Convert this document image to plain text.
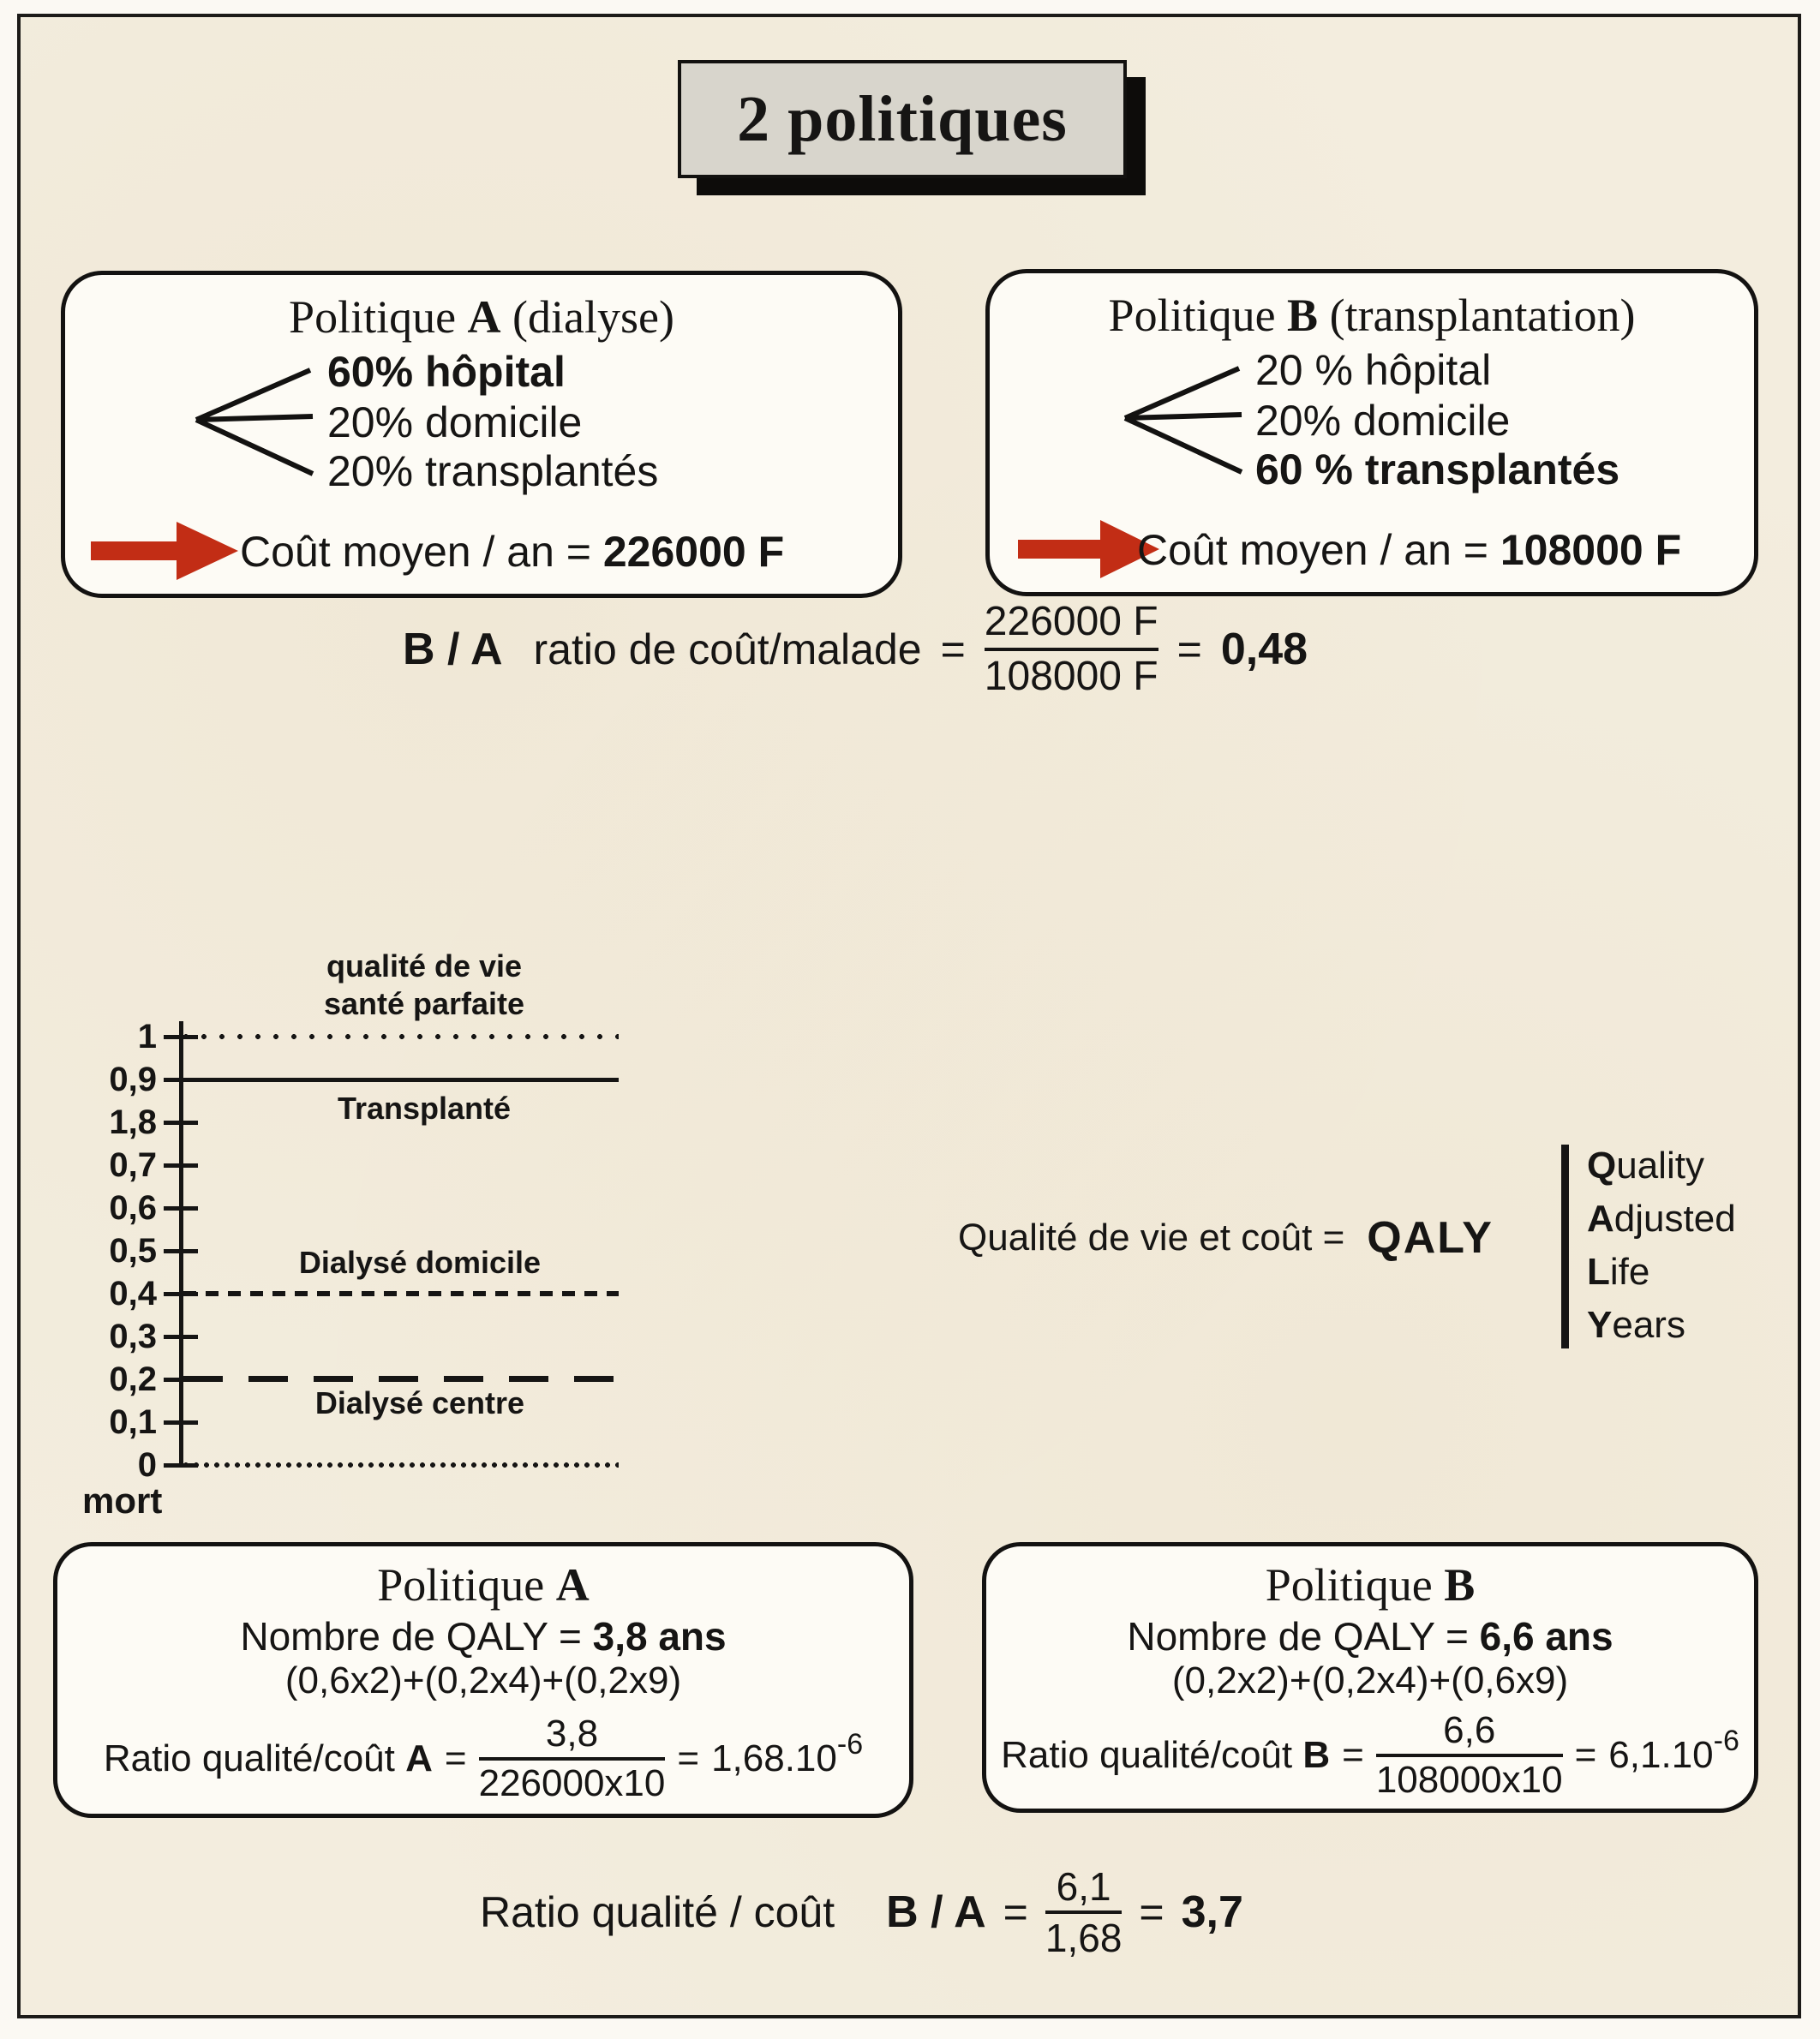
2 politiques
Politique A (dialyse)
60% hôpital
20% domicile
20% transplantés
Coût moyen / an = 226000 F
Politique B (transplantation)
20 % hôpital
20% domicile
60 % transplantés
Coût moyen / an = 108000 F
B / A ratio de coût/malade = $\frac{226000 F}{108000 F} = 0,48$
qualité de vie
santé parfaite
1
0,9
1,8
0,7
0,6
0,5
0,4
0,3
0,2
0,1
0
Transplanté
Dialysé domicile
Dialysé centre
mort
Qualité de vie et coût = QALY
Quality
Adjusted
Life
Years
Politique A
Nombre de QALY = 3,8 ans
(0,6x2)+(0,2x4)+(0,2x9)
Ratio qualité/coût $A = \frac{3,8}{226000x10} = 1,68.10^{-6}$
Politique B
Nombre de QALY = 6,6 ans
(0,2x2)+(0,2x4)+(0,6x9)
Ratio qualité/coût $B = \frac{6,6}{108000x10} = 6,1.10^{-6}$
Ratio qualité / coût $B / A = \frac{6,1}{1,68} = 3,7$
